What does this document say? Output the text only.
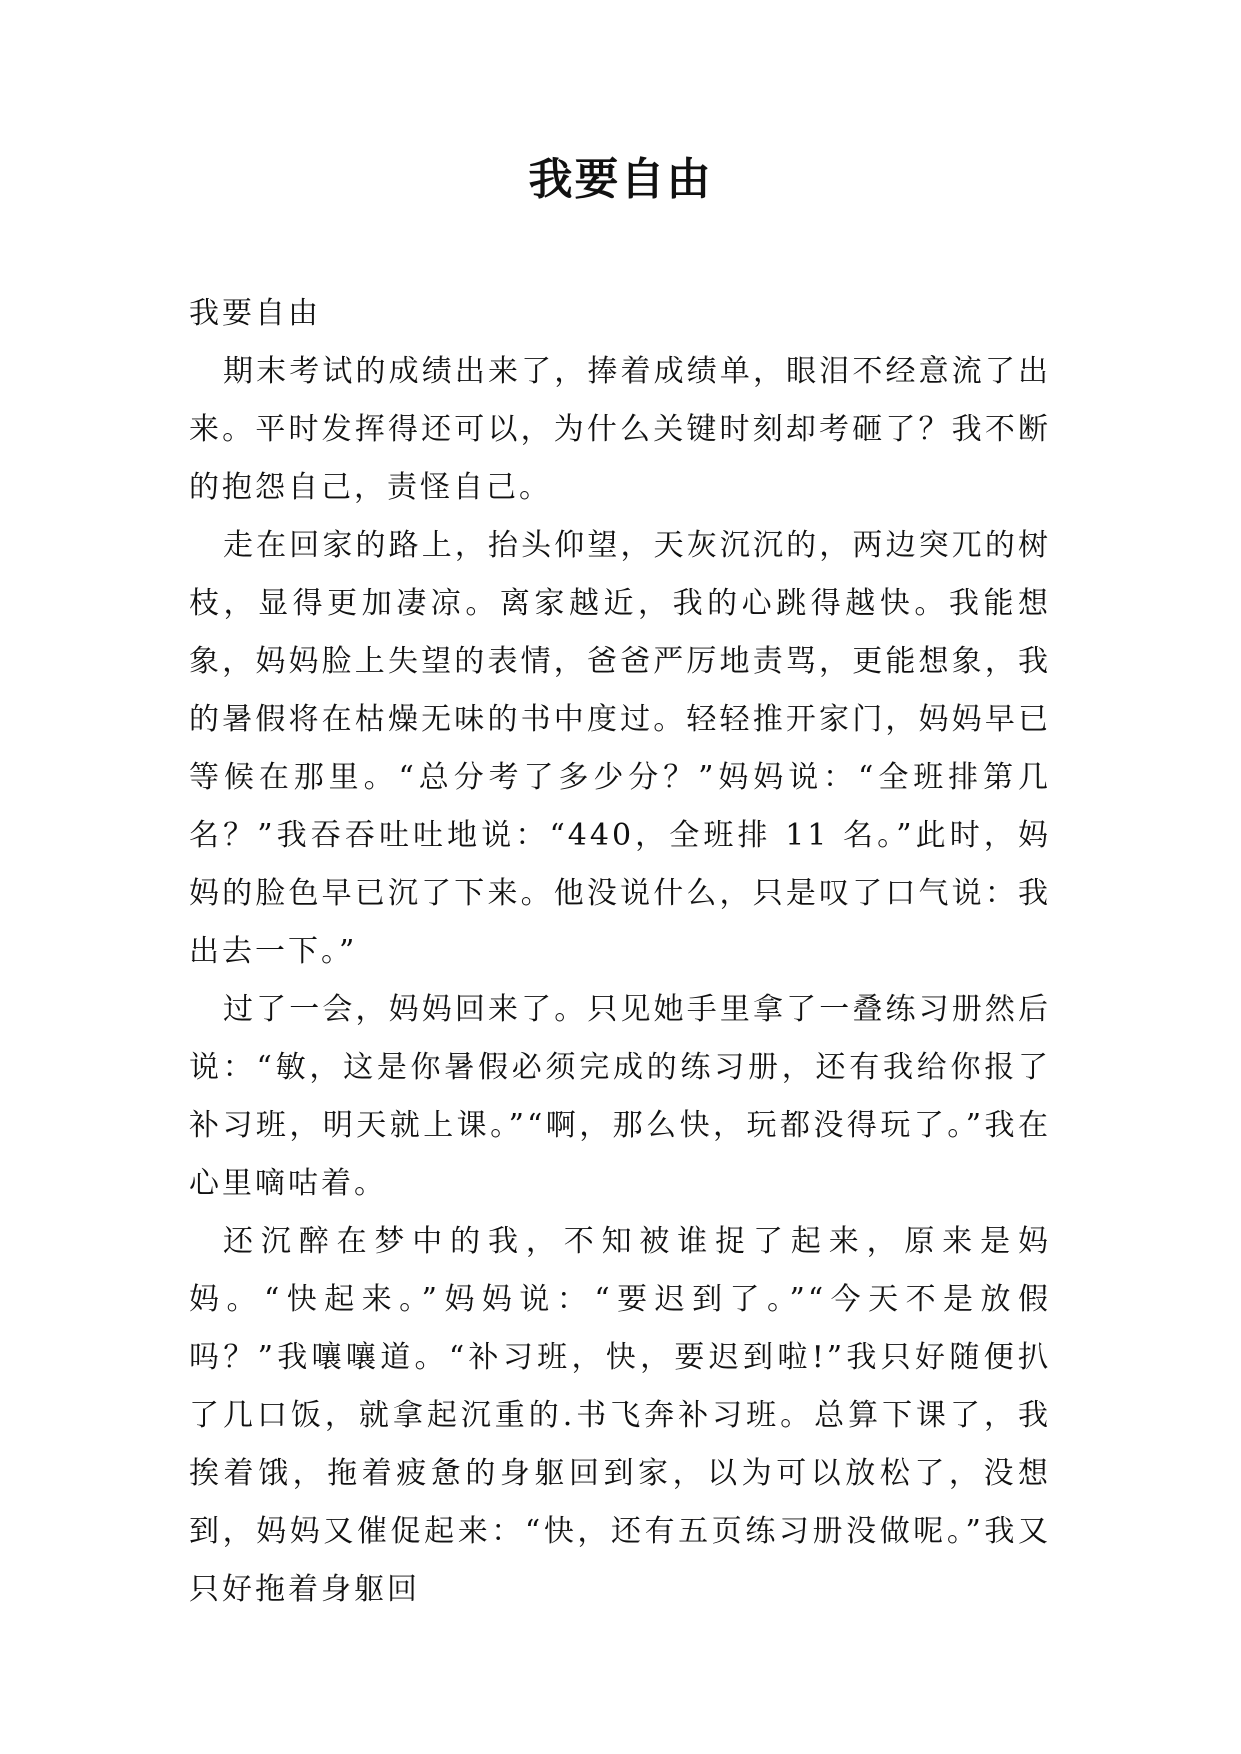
我要自由

我要自由

期末考试的成绩出来了，捧着成绩单，眼泪不经意流了出来。平时发挥得还可以，为什么关键时刻却考砸了？我不断的抱怨自己，责怪自己。

走在回家的路上，抬头仰望，天灰沉沉的，两边突兀的树枝，显得更加凄凉。离家越近，我的心跳得越快。我能想象，妈妈脸上失望的表情，爸爸严厉地责骂，更能想象，我的暑假将在枯燥无味的书中度过。轻轻推开家门，妈妈早已等候在那里。“总分考了多少分？”妈妈说：“全班排第几名？”我吞吞吐吐地说：“440，全班排 11 名。”此时，妈妈的脸色早已沉了下来。他没说什么，只是叹了口气说：我出去一下。”

过了一会，妈妈回来了。只见她手里拿了一叠练习册然后说：“敏，这是你暑假必须完成的练习册，还有我给你报了补习班，明天就上课。”“啊，那么快，玩都没得玩了。”我在心里嘀咕着。

还沉醉在梦中的我，不知被谁捉了起来，原来是妈妈。“快起来。”妈妈说：“要迟到了。”“今天不是放假吗？”我嚷嚷道。“补习班，快，要迟到啦!”我只好随便扒了几口饭，就拿起沉重的.书飞奔补习班。总算下课了，我挨着饿，拖着疲惫的身躯回到家，以为可以放松了，没想到，妈妈又催促起来：“快，还有五页练习册没做呢。”我又只好拖着身躯回
